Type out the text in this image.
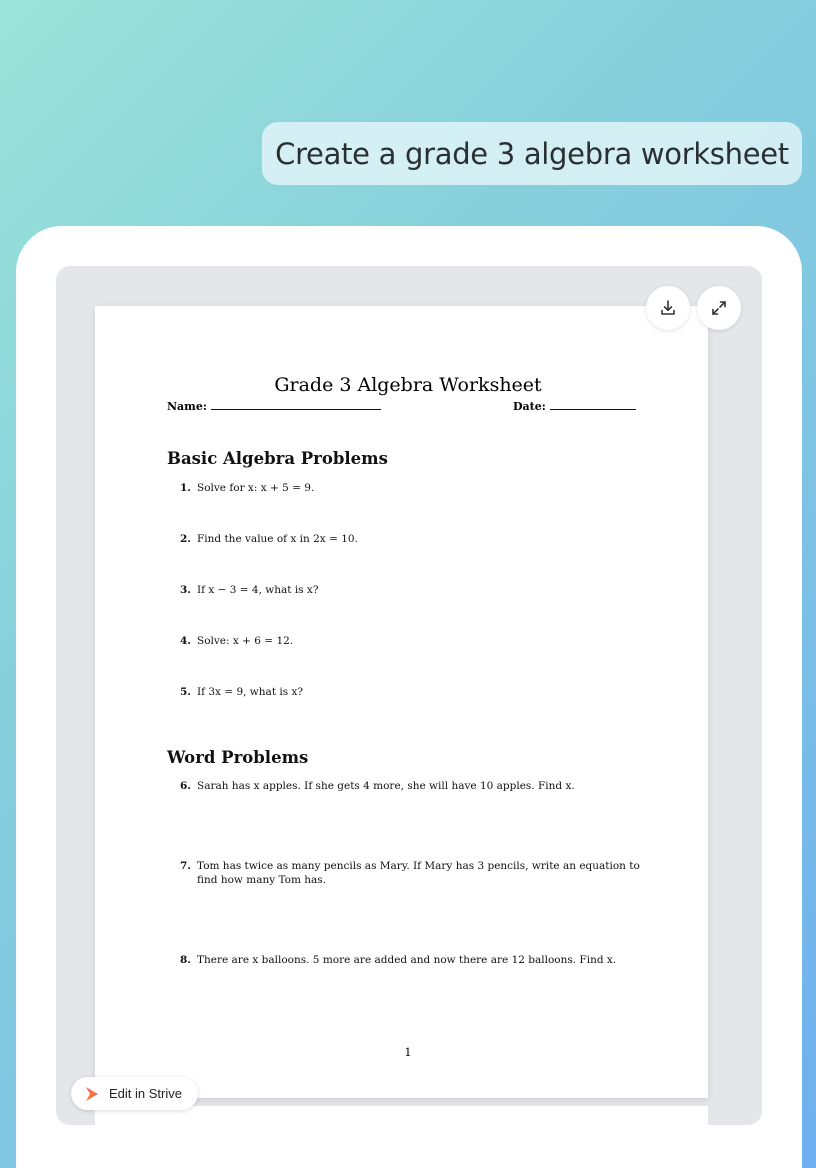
Create a grade 3 algebra worksheet
Grade 3 Algebra Worksheet
Name:	Date:
Basic Algebra Problems
1. Solve for x: x + 5 = 9.
2. Find the value of x in 2x = 10.
3. If x − 3 = 4, what is x?
4. Solve: x + 6 = 12.
5. If 3x = 9, what is x?
Word Problems
6. Sarah has x apples. If she gets 4 more, she will have 10 apples. Find x.
7. Tom has twice as many pencils as Mary. If Mary has 3 pencils, write an equation to find how many Tom has.
8. There are x balloons. 5 more are added and now there are 12 balloons. Find x.
1
Edit in Strive
